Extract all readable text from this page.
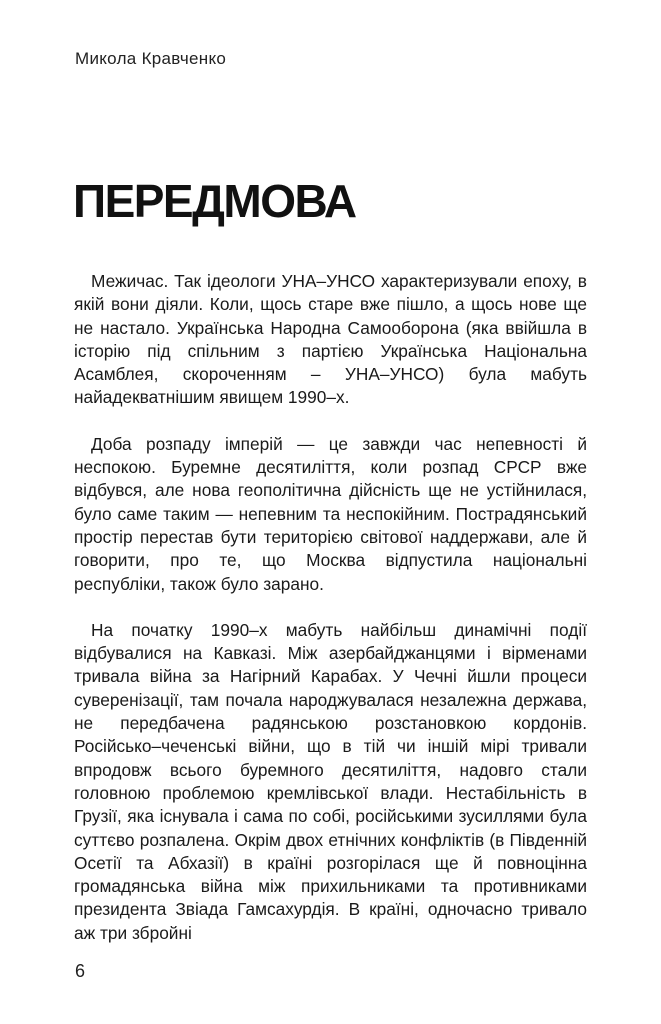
Микола Кравченко
ПЕРЕДМОВА

Межичас. Так ідеологи УНА–УНСО характеризували епоху, в якій вони діяли. Коли, щось старе вже пішло, а щось нове ще не настало. Українська Народна Самооборона (яка ввійшла в історію під спільним з партією Українська Національна Асамблея, скороченням – УНА–УНСО) була мабуть найадекватнішим явищем 1990–х.

Доба розпаду імперій — це завжди час непевності й неспокою. Буремне десятиліття, коли розпад СРСР вже відбувся, але нова геополітична дійсність ще не устійнилася, було саме таким — непевним та неспокійним. Пострадянський простір перестав бути територією світової наддержави, але й говорити, про те, що Москва відпустила національні республіки, також було зарано.

На початку 1990–х мабуть найбільш динамічні події відбувалися на Кавказі. Між азербайджанцями і вірменами тривала війна за Нагірний Карабах. У Чечні йшли процеси суверенізації, там почала народжувалася незалежна держава, не передбачена радянською розстановкою кордонів. Російсько–чеченські війни, що в тій чи іншій мірі тривали впродовж всього буремного десятиліття, надовго стали головною проблемою кремлівської влади. Нестабільність в Грузії, яка існувала і сама по собі, російськими зусиллями була суттєво розпалена. Окрім двох етнічних конфліктів (в Південній Осетії та Абхазії) в країні розгорілася ще й повноцінна громадянська війна між прихильниками та противниками президента Звіада Гамсахурдія. В країні, одночасно тривало аж три збройні

6
